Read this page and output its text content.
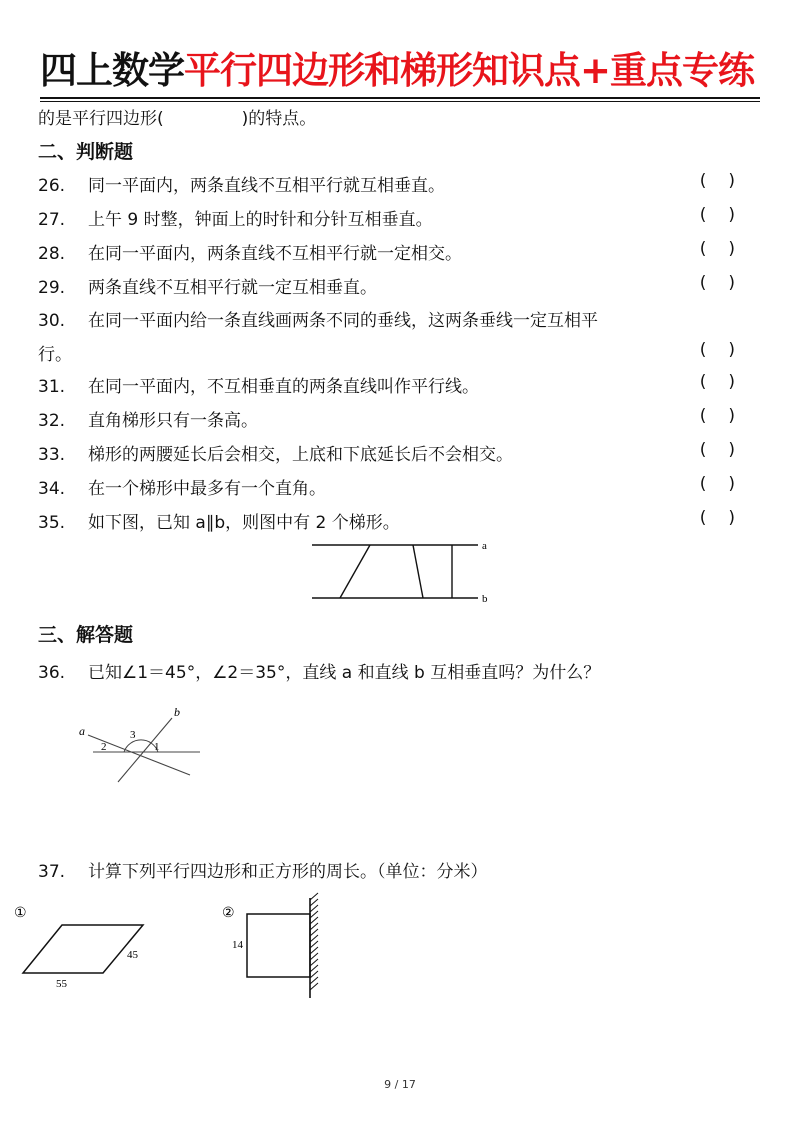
四上数学平行四边形和梯形知识点+重点专练
的是平行四边形(	)的特点。
二、判断题
26. 同一平面内，两条直线不互相平行就互相垂直。	()
27. 上午 9 时整，钟面上的时针和分针互相垂直。	()
28. 在同一平面内，两条直线不互相平行就一定相交。	()
29. 两条直线不互相平行就一定互相垂直。	()
30. 在同一平面内给一条直线画两条不同的垂线，这两条垂线一定互相平
行。	()
31. 在同一平面内，不互相垂直的两条直线叫作平行线。	()
32. 直角梯形只有一条高。	()
33. 梯形的两腰延长后会相交，上底和下底延长后不会相交。	()
34. 在一个梯形中最多有一个直角。	()
35. 如下图，已知 a∥b，则图中有 2 个梯形。	()
a
b
三、解答题
36. 已知∠1＝45°，∠2＝35°，直线 a 和直线 b 互相垂直吗？为什么？
a
b
2
3
1
37. 计算下列平行四边形和正方形的周长。（单位：分米）
①
55
45
②
14
9 / 17
